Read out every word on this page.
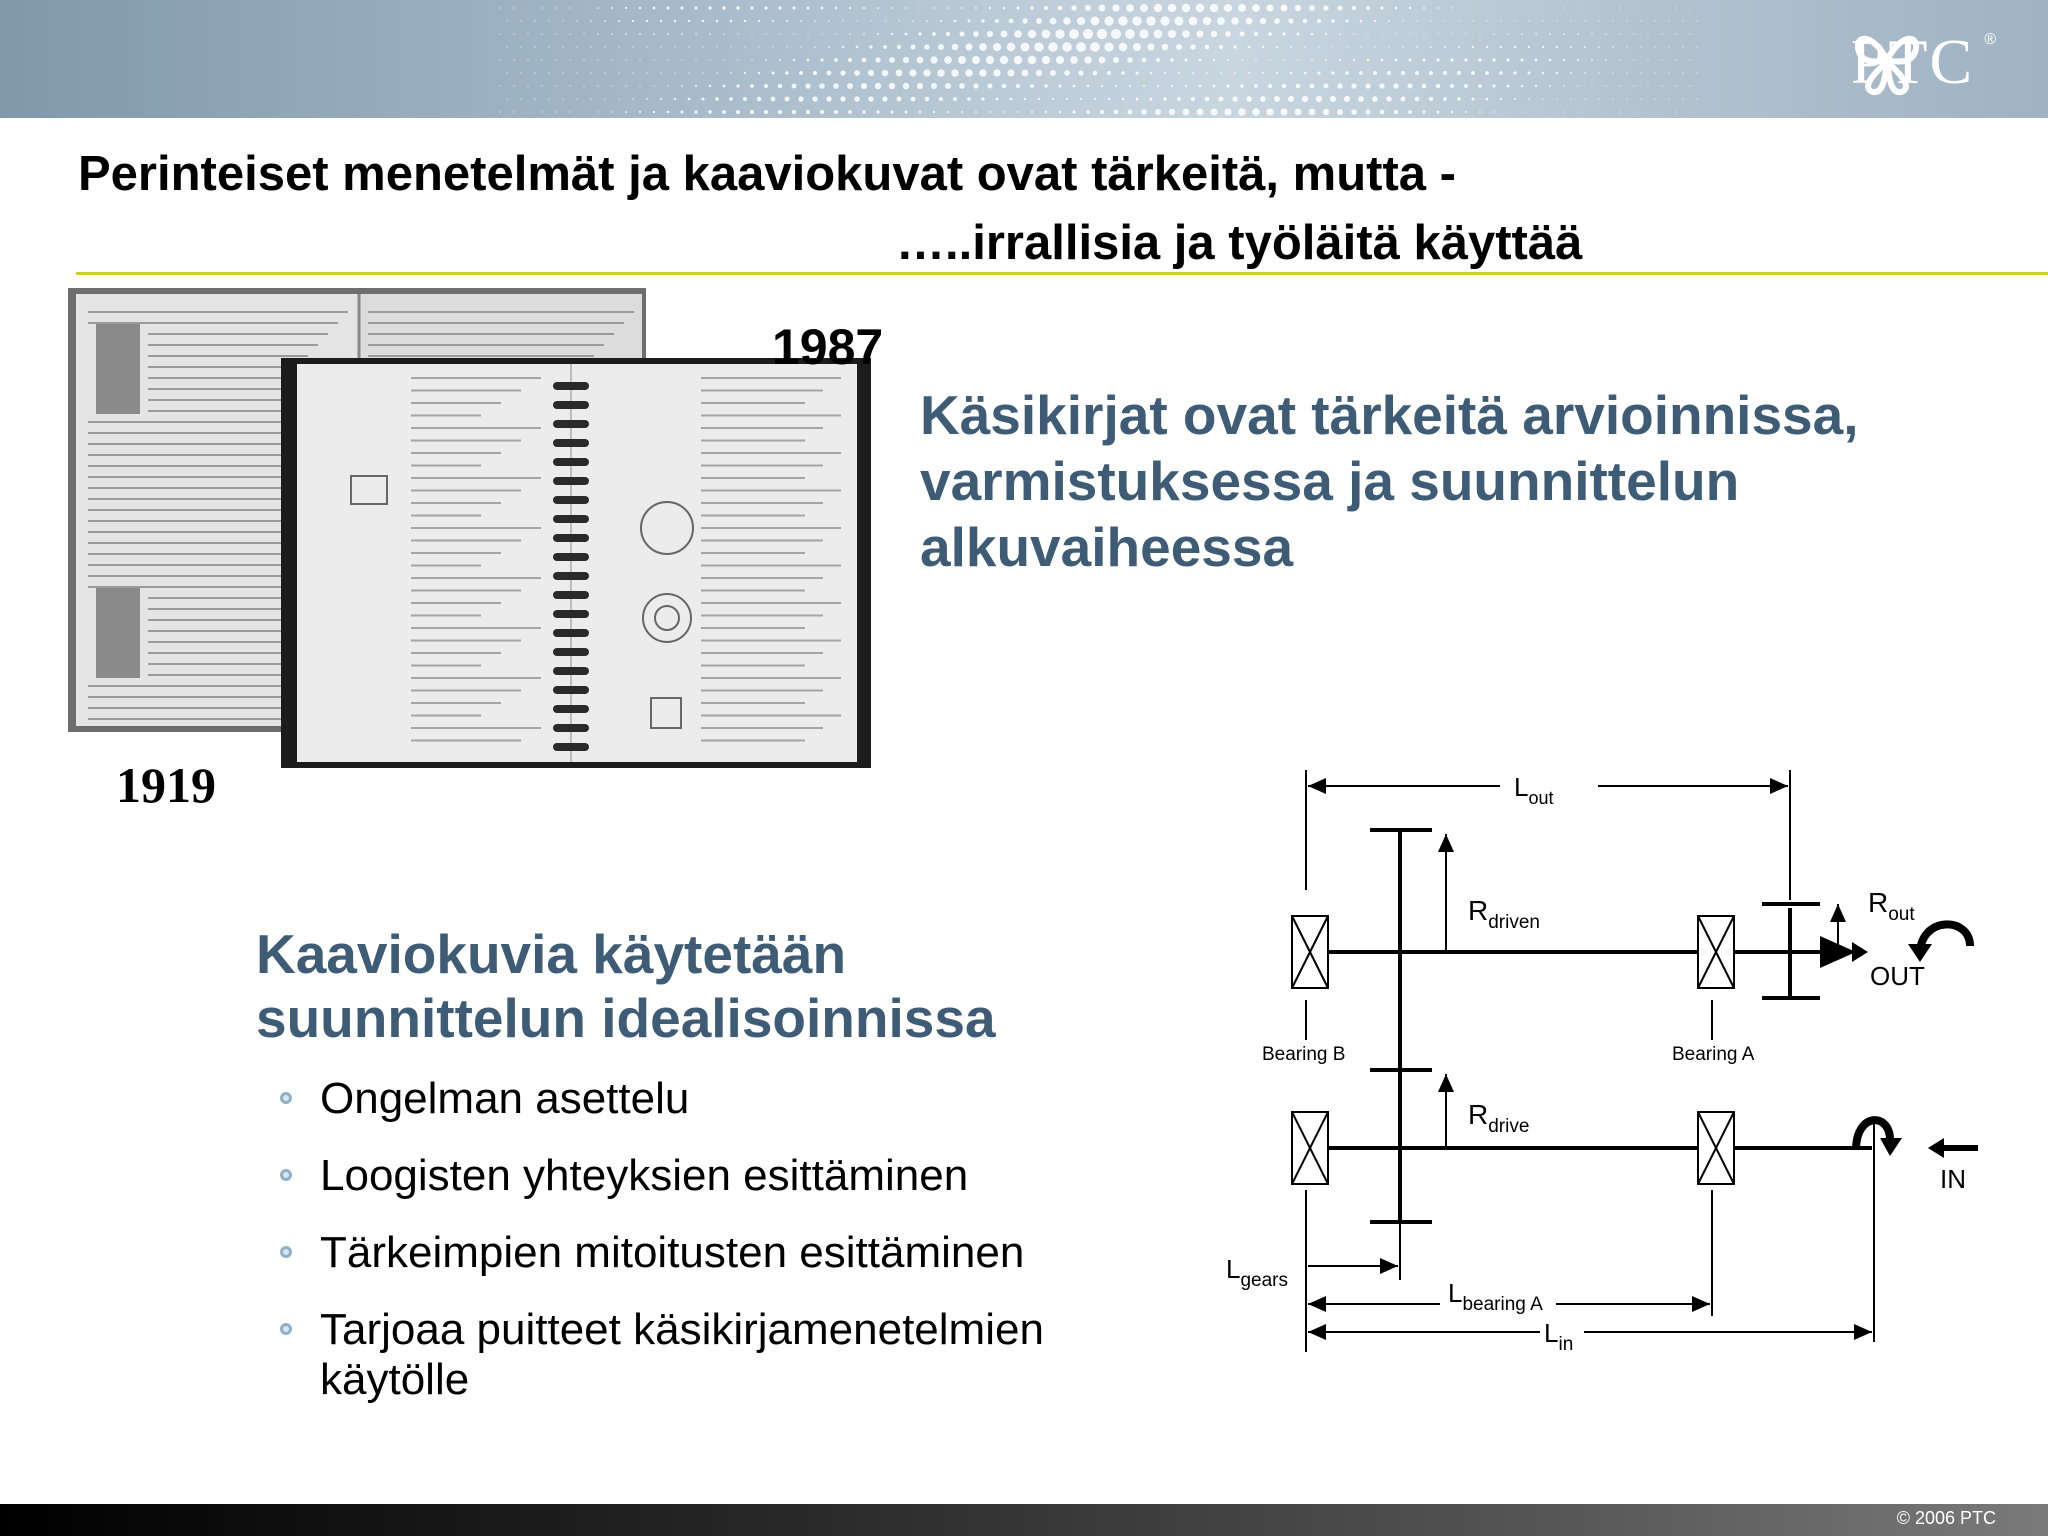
PTC ®
Perinteiset menetelmät ja kaaviokuvat ovat tärkeitä, mutta -
…..irrallisia ja työläitä käyttää
1987
1919
Käsikirjat ovat tärkeitä arvioinnissa, varmistuksessa ja suunnittelun alkuvaiheessa
Kaaviokuvia käytetään suunnittelun idealisoinnissa
Ongelman asettelu
Loogisten yhteyksien esittäminen
Tärkeimpien mitoitusten esittäminen
Tarjoaa puitteet käsikirjamenetelmien käytölle
$L_{out}$
$R_{driven}$
$R_{drive}$
$R_{out}$
OUT
Bearing B	Bearing A
IN
$L_{gears}$	$L_{bearing A}$
$L_{in}$
© 2006 PTC
